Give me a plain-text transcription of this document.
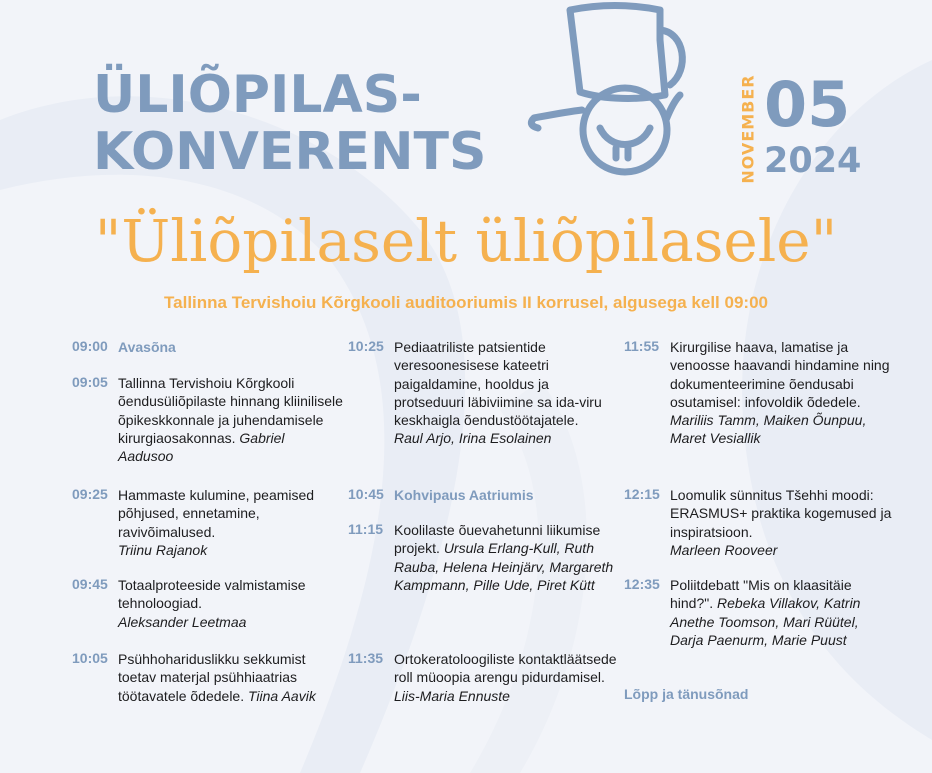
ÜLIÕPILAS-
KONVERENTS	NOVEMBER 05
2024
"Üliõpilaselt üliõpilasele"
Tallinna Tervishoiu Kõrgkooli auditooriumis II korrusel, algusega kell 09:00
09:00 Avasõna
09:05 Tallinna Tervishoiu Kõrgkooli õendusüliõpilaste hinnang kliinilisele õpikeskkonnale ja juhendamisele kirurgiaosakonnas. Gabriel Aadusoo
09:25 Hammaste kulumine, peamised põhjused, ennetamine, ravivõimalused.
Triinu Rajanok
09:45 Totaalproteeside valmistamise tehnoloogiad.
Aleksander Leetmaa
10:05 Psühhohariduslikku sekkumist toetav materjal psühhiaatrias töötavatele õdedele. Tiina Aavik
10:25 Pediaatriliste patsientide veresoonesisese kateetri paigaldamine, hooldus ja protseduuri läbiviimine sa ida-viru keskhaigla õendustöötajatele.
Raul Arjo, Irina Esolainen
10:45 Kohvipaus Aatriumis
11:15 Koolilaste õuevahetunni liikumise projekt. Ursula Erlang-Kull, Ruth Rauba, Helena Heinjärv, Margareth Kampmann, Pille Ude, Piret Kütt
11:35 Ortokeratoloogiliste kontaktläätsede roll müoopia arengu pidurdamisel.
Liis-Maria Ennuste
11:55 Kirurgilise haava, lamatise ja venoosse haavandi hindamine ning dokumenteerimine õendusabi osutamisel: infovoldik õdedele.
Mariliis Tamm, Maiken Õunpuu, Maret Vesiallik
12:15 Loomulik sünnitus Tšehhi moodi: ERASMUS+ praktika kogemused ja inspiratsioon.
Marleen Rooveer
12:35 Poliitdebatt "Mis on klaasitäie hind?". Rebeka Villakov, Katrin Anethe Toomson, Mari Rüütel, Darja Paenurm, Marie Puust
Lõpp ja tänusõnad
